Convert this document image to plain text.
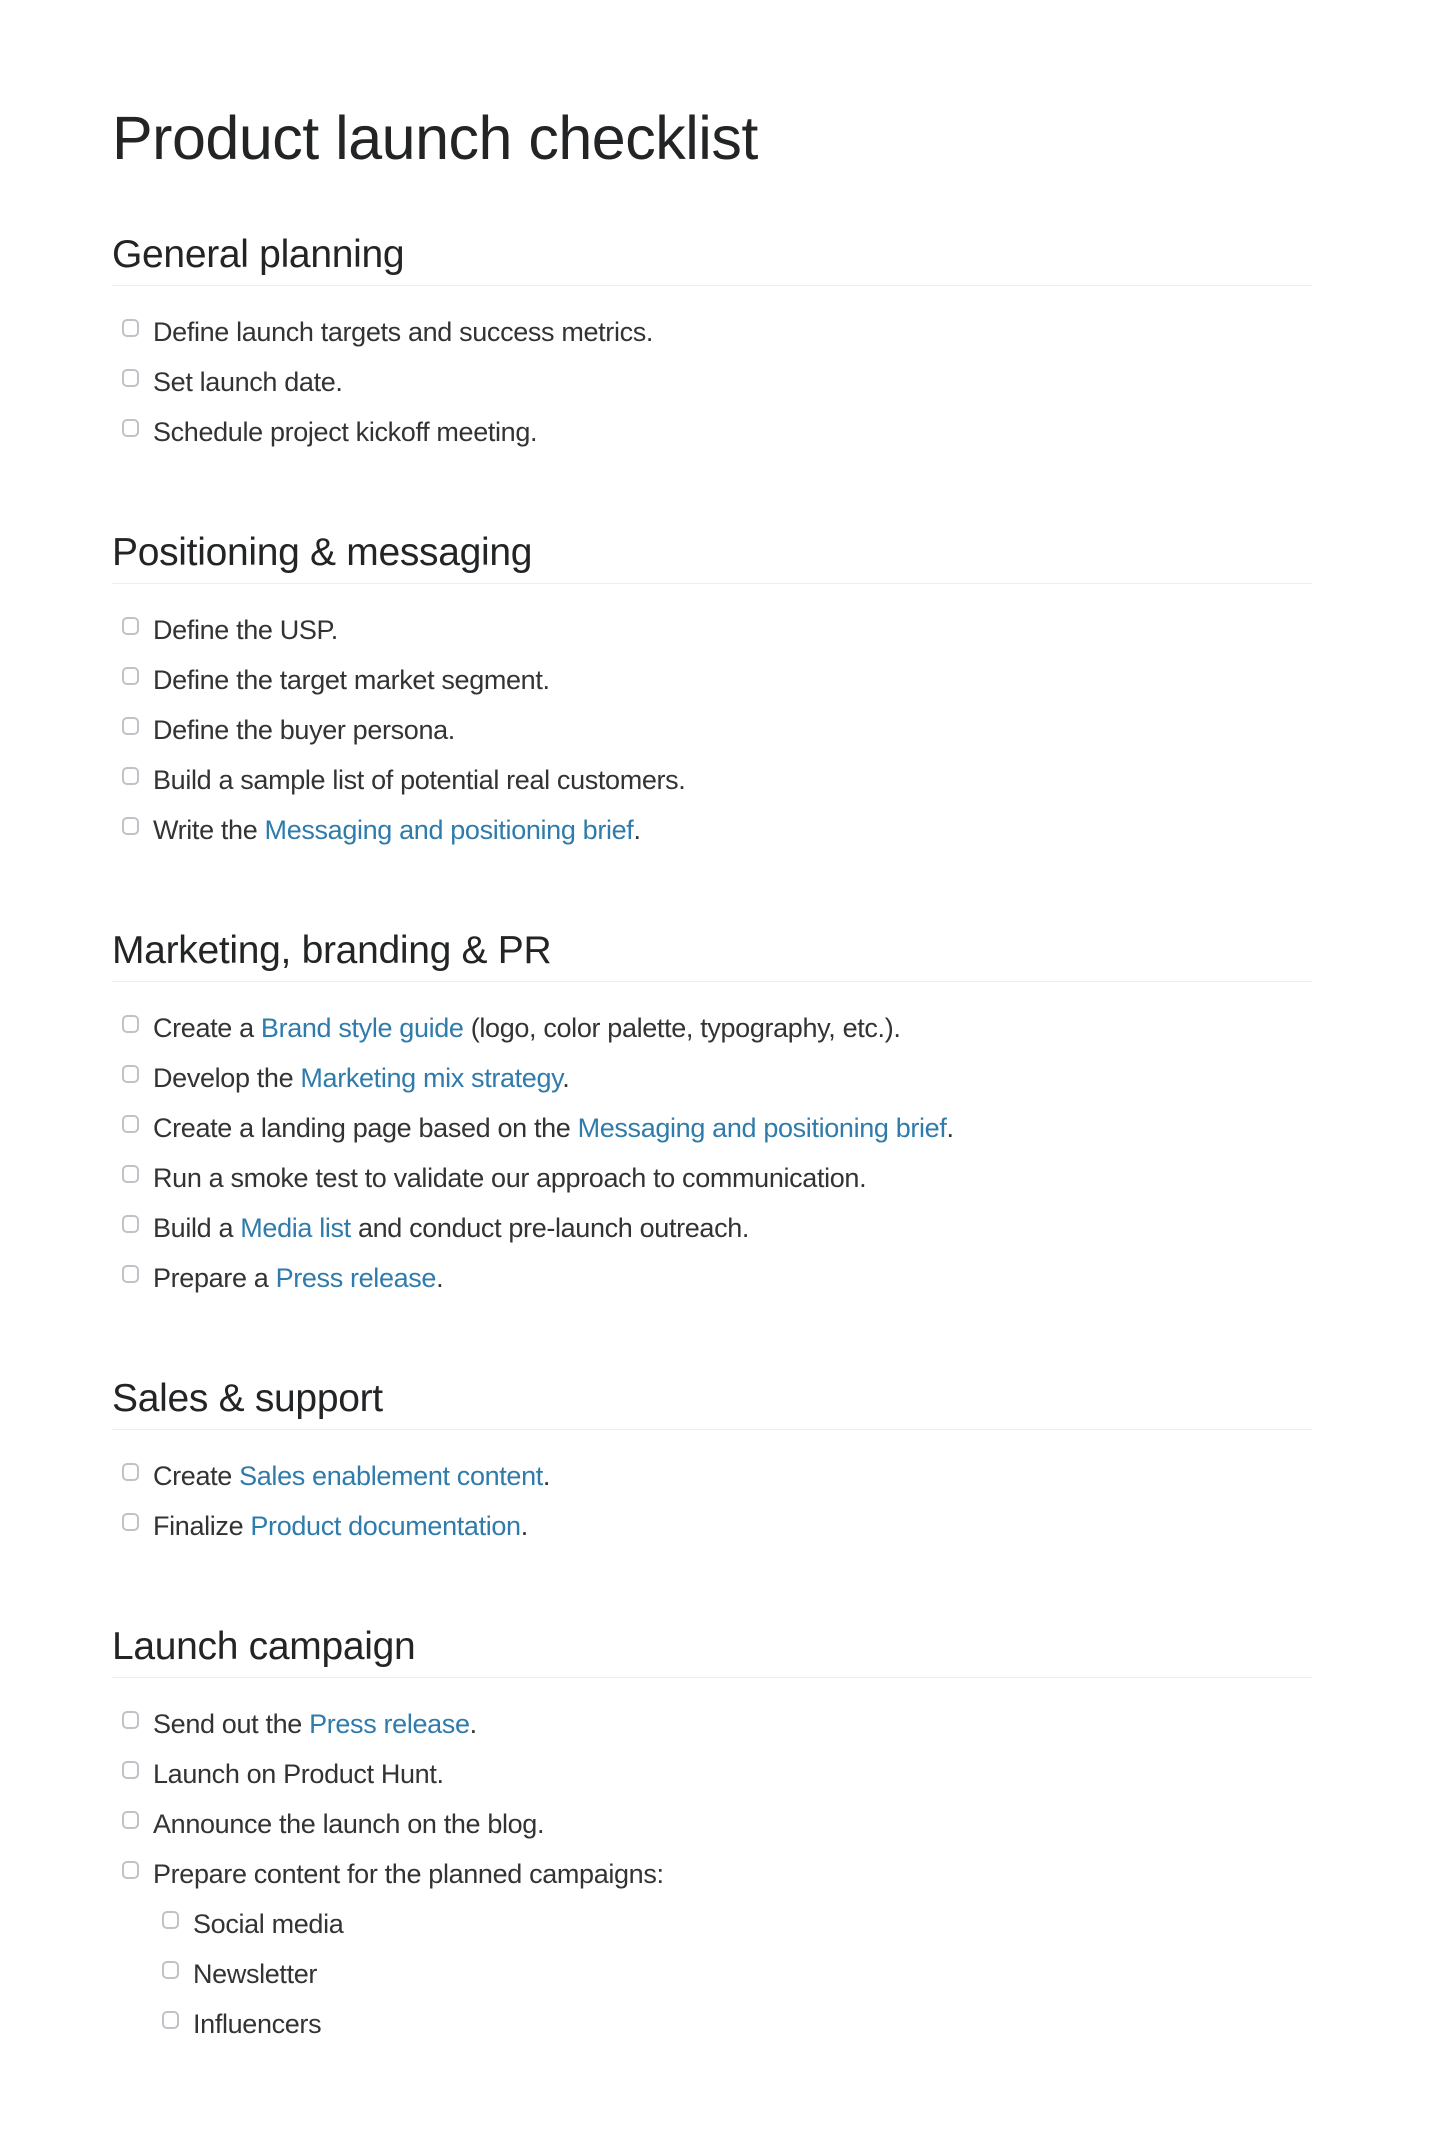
Product launch checklist
General planning
Define launch targets and success metrics.
Set launch date.
Schedule project kickoff meeting.
Positioning & messaging
Define the USP.
Define the target market segment.
Define the buyer persona.
Build a sample list of potential real customers.
Write the Messaging and positioning brief.
Marketing, branding & PR
Create a Brand style guide (logo, color palette, typography, etc.).
Develop the Marketing mix strategy.
Create a landing page based on the Messaging and positioning brief.
Run a smoke test to validate our approach to communication.
Build a Media list and conduct pre-launch outreach.
Prepare a Press release.
Sales & support
Create Sales enablement content.
Finalize Product documentation.
Launch campaign
Send out the Press release.
Launch on Product Hunt.
Announce the launch on the blog.
Prepare content for the planned campaigns:
Social media
Newsletter
Influencers
